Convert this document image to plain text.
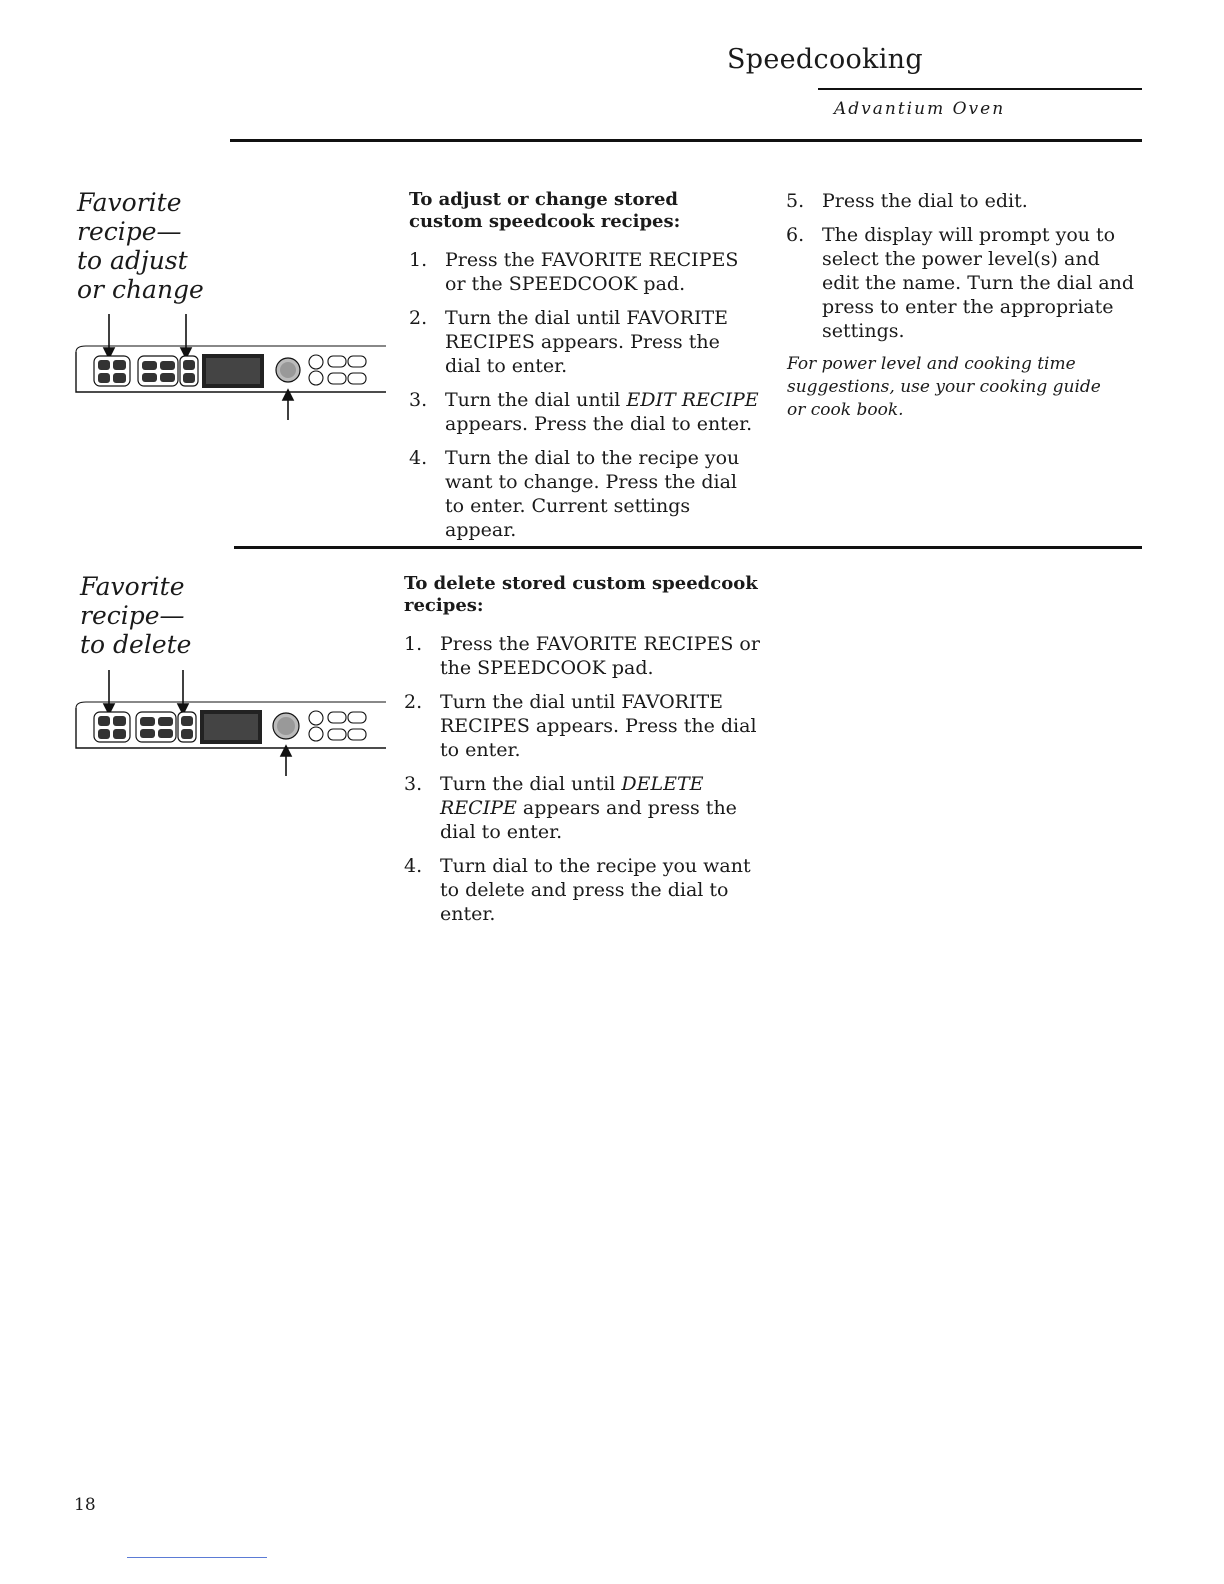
Speedcooking
Advantium Oven
Favorite
recipe—
to adjust
or change
To adjust or change stored custom speedcook recipes:
1. Press the FAVORITE RECIPES or the SPEEDCOOK pad.
2. Turn the dial until FAVORITE RECIPES appears. Press the dial to enter.
3. Turn the dial until EDIT RECIPE appears. Press the dial to enter.
4. Turn the dial to the recipe you want to change. Press the dial to enter. Current settings appear.
5. Press the dial to edit.
6. The display will prompt you to select the power level(s) and edit the name. Turn the dial and press to enter the appropriate settings.
For power level and cooking time suggestions, use your cooking guide or cook book.
Favorite
recipe—
to delete
To delete stored custom speedcook recipes:
1. Press the FAVORITE RECIPES or the SPEEDCOOK pad.
2. Turn the dial until FAVORITE RECIPES appears. Press the dial to enter.
3. Turn the dial until DELETE RECIPE appears and press the dial to enter.
4. Turn dial to the recipe you want to delete and press the dial to enter.
18
